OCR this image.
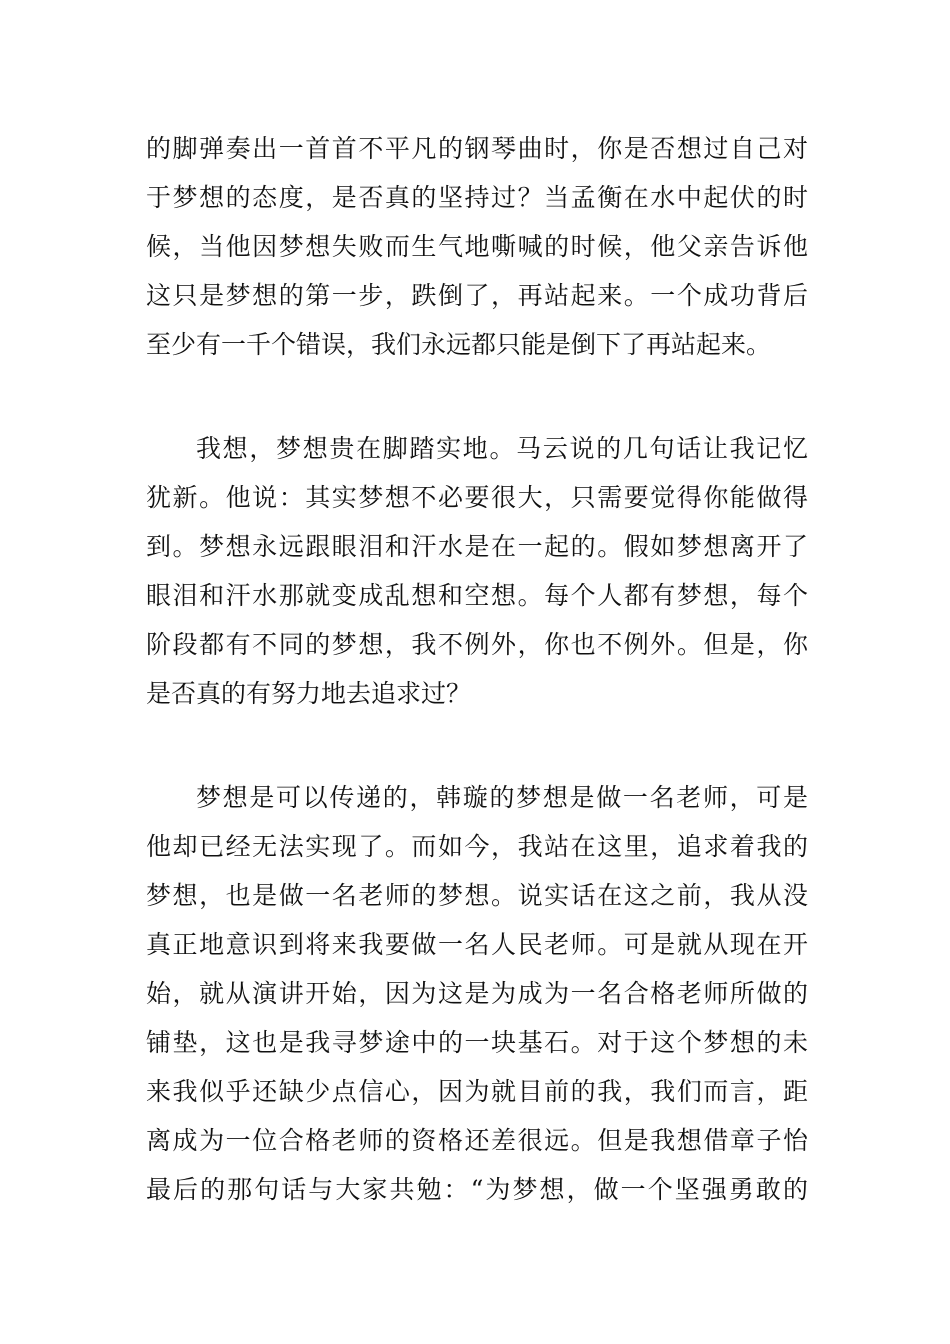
的脚弹奏出一首首不平凡的钢琴曲时，你是否想过自己对
于梦想的态度，是否真的坚持过？当孟衡在水中起伏的时
候，当他因梦想失败而生气地嘶喊的时候，他父亲告诉他
这只是梦想的第一步，跌倒了，再站起来。一个成功背后
至少有一千个错误，我们永远都只能是倒下了再站起来。
我想，梦想贵在脚踏实地。马云说的几句话让我记忆
犹新。他说：其实梦想不必要很大，只需要觉得你能做得
到。梦想永远跟眼泪和汗水是在一起的。假如梦想离开了
眼泪和汗水那就变成乱想和空想。每个人都有梦想，每个
阶段都有不同的梦想，我不例外，你也不例外。但是，你
是否真的有努力地去追求过？
梦想是可以传递的，韩璇的梦想是做一名老师，可是
他却已经无法实现了。而如今，我站在这里，追求着我的
梦想，也是做一名老师的梦想。说实话在这之前，我从没
真正地意识到将来我要做一名人民老师。可是就从现在开
始，就从演讲开始，因为这是为成为一名合格老师所做的
铺垫，这也是我寻梦途中的一块基石。对于这个梦想的未
来我似乎还缺少点信心，因为就目前的我，我们而言，距
离成为一位合格老师的资格还差很远。但是我想借章子怡
最后的那句话与大家共勉：“为梦想，做一个坚强勇敢的
